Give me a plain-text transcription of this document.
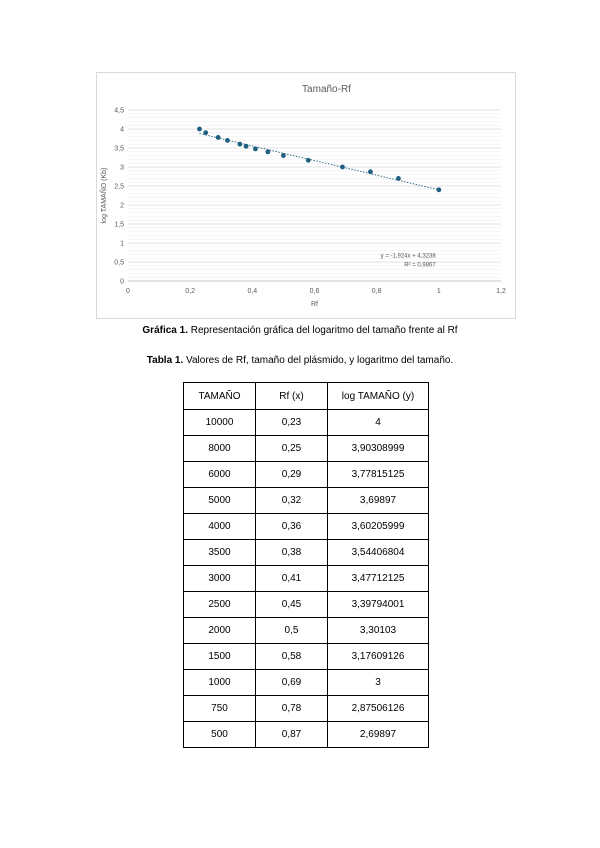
0
0,5
1
1,5
2
2,5
3
3,5
4
4,5
0	0,2	0,4	0,6	0,8	1	1,2
Tamaño-Rf
Rf
log TAMAÑO (Kb)
y = -1,924x + 4,3238
R² = 0,9867
Gráfica 1. Representación gráfica del logaritmo del tamaño frente al Rf
Tabla 1. Valores de Rf, tamaño del plásmido, y logaritmo del tamaño.
TAMAÑO	Rf (x)	log TAMAÑO (y)
10000	0,23	4
8000	0,25	3,90308999
6000	0,29	3,77815125
5000	0,32	3,69897
4000	0,36	3,60205999
3500	0,38	3,54406804
3000	0,41	3,47712125
2500	0,45	3,39794001
2000	0,5	3,30103
1500	0,58	3,17609126
1000	0,69	3
750	0,78	2,87506126
500	0,87	2,69897
